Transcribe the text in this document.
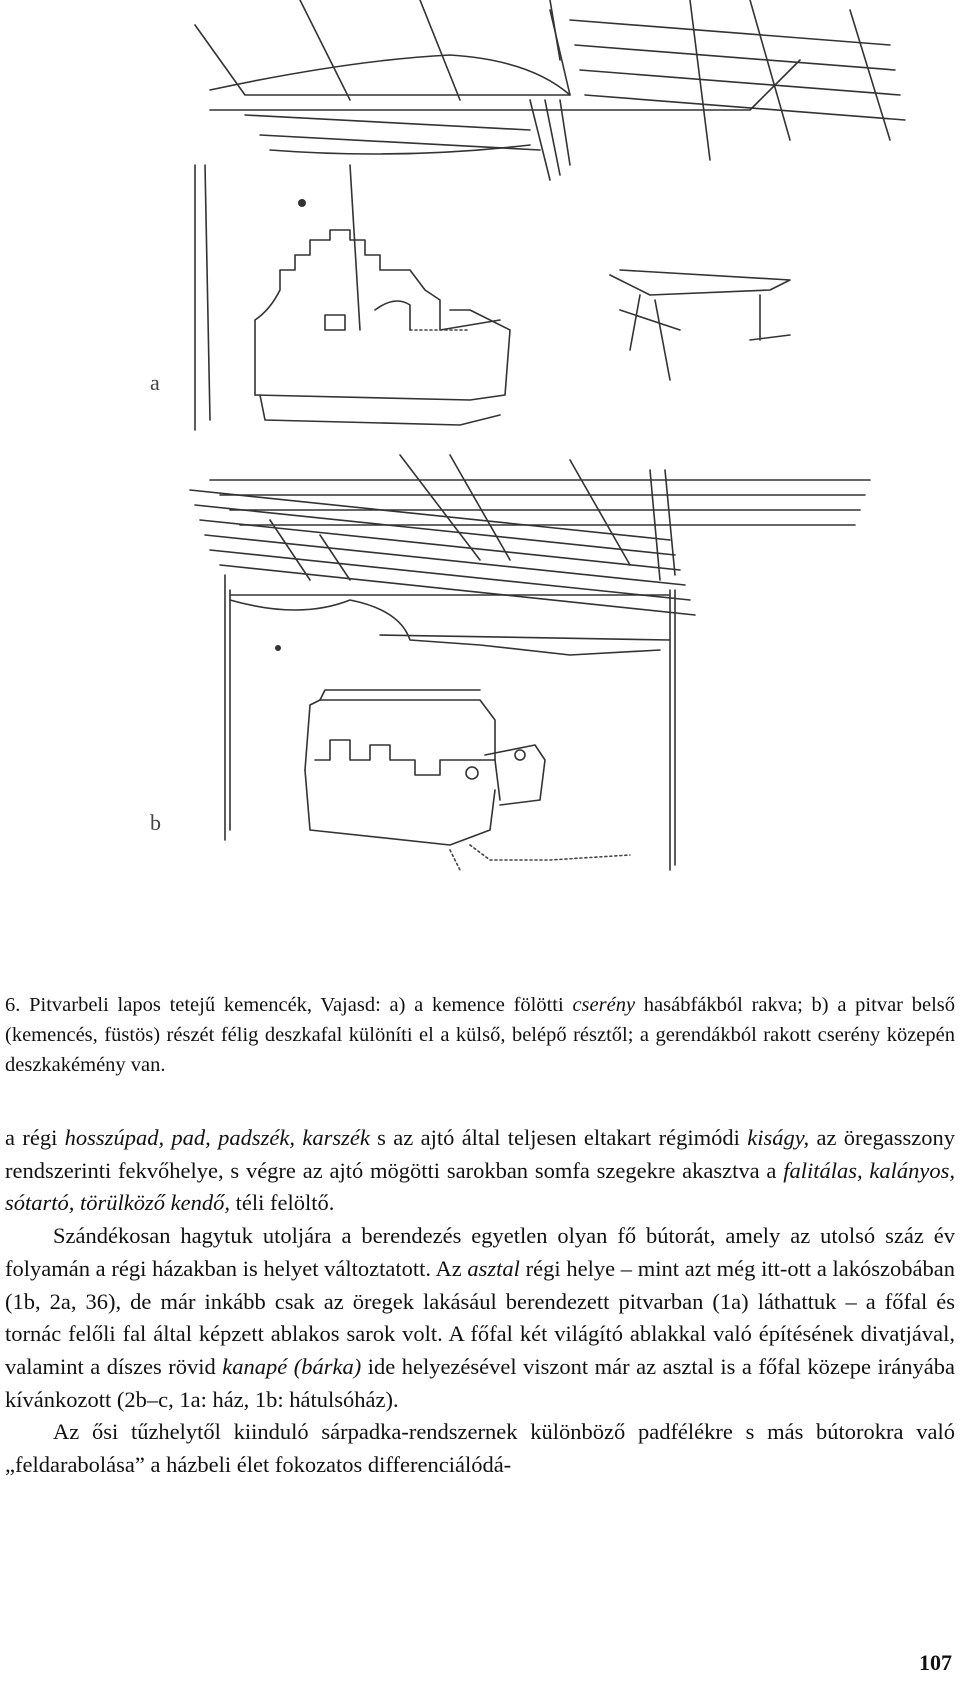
a
b
6. Pitvarbeli lapos tetejű kemencék, Vajasd: a) a kemence fölötti cserény hasábfákból rakva; b) a pitvar belső (kemencés, füstös) részét félig deszkafal különíti el a külső, belépő résztől; a gerendákból rakott cserény közepén deszkakémény van.

a régi hosszúpad, pad, padszék, karszék s az ajtó által teljesen eltakart régimódi kiságy, az öregasszony rendszerinti fekvőhelye, s végre az ajtó mögötti sarokban somfa szegekre akasztva a falitálas, kalányos, sótartó, törülköző kendő, téli felöltő.

Szándékosan hagytuk utoljára a berendezés egyetlen olyan fő bútorát, amely az utolsó száz év folyamán a régi házakban is helyet változtatott. Az asztal régi helye – mint azt még itt-ott a lakószobában (1b, 2a, 36), de már inkább csak az öregek lakásául berendezett pitvarban (1a) láthattuk – a főfal és tornác felőli fal által képzett ablakos sarok volt. A főfal két világító ablakkal való építésének divatjával, valamint a díszes rövid kanapé (bárka) ide helyezésével viszont már az asztal is a főfal közepe irányába kívánkozott (2b–c, 1a: ház, 1b: hátulsóház).

Az ősi tűzhelytől kiinduló sárpadka-rendszernek különböző padfélékre s más bútorokra való „feldarabolása” a házbeli élet fokozatos differenciálódá-

107
